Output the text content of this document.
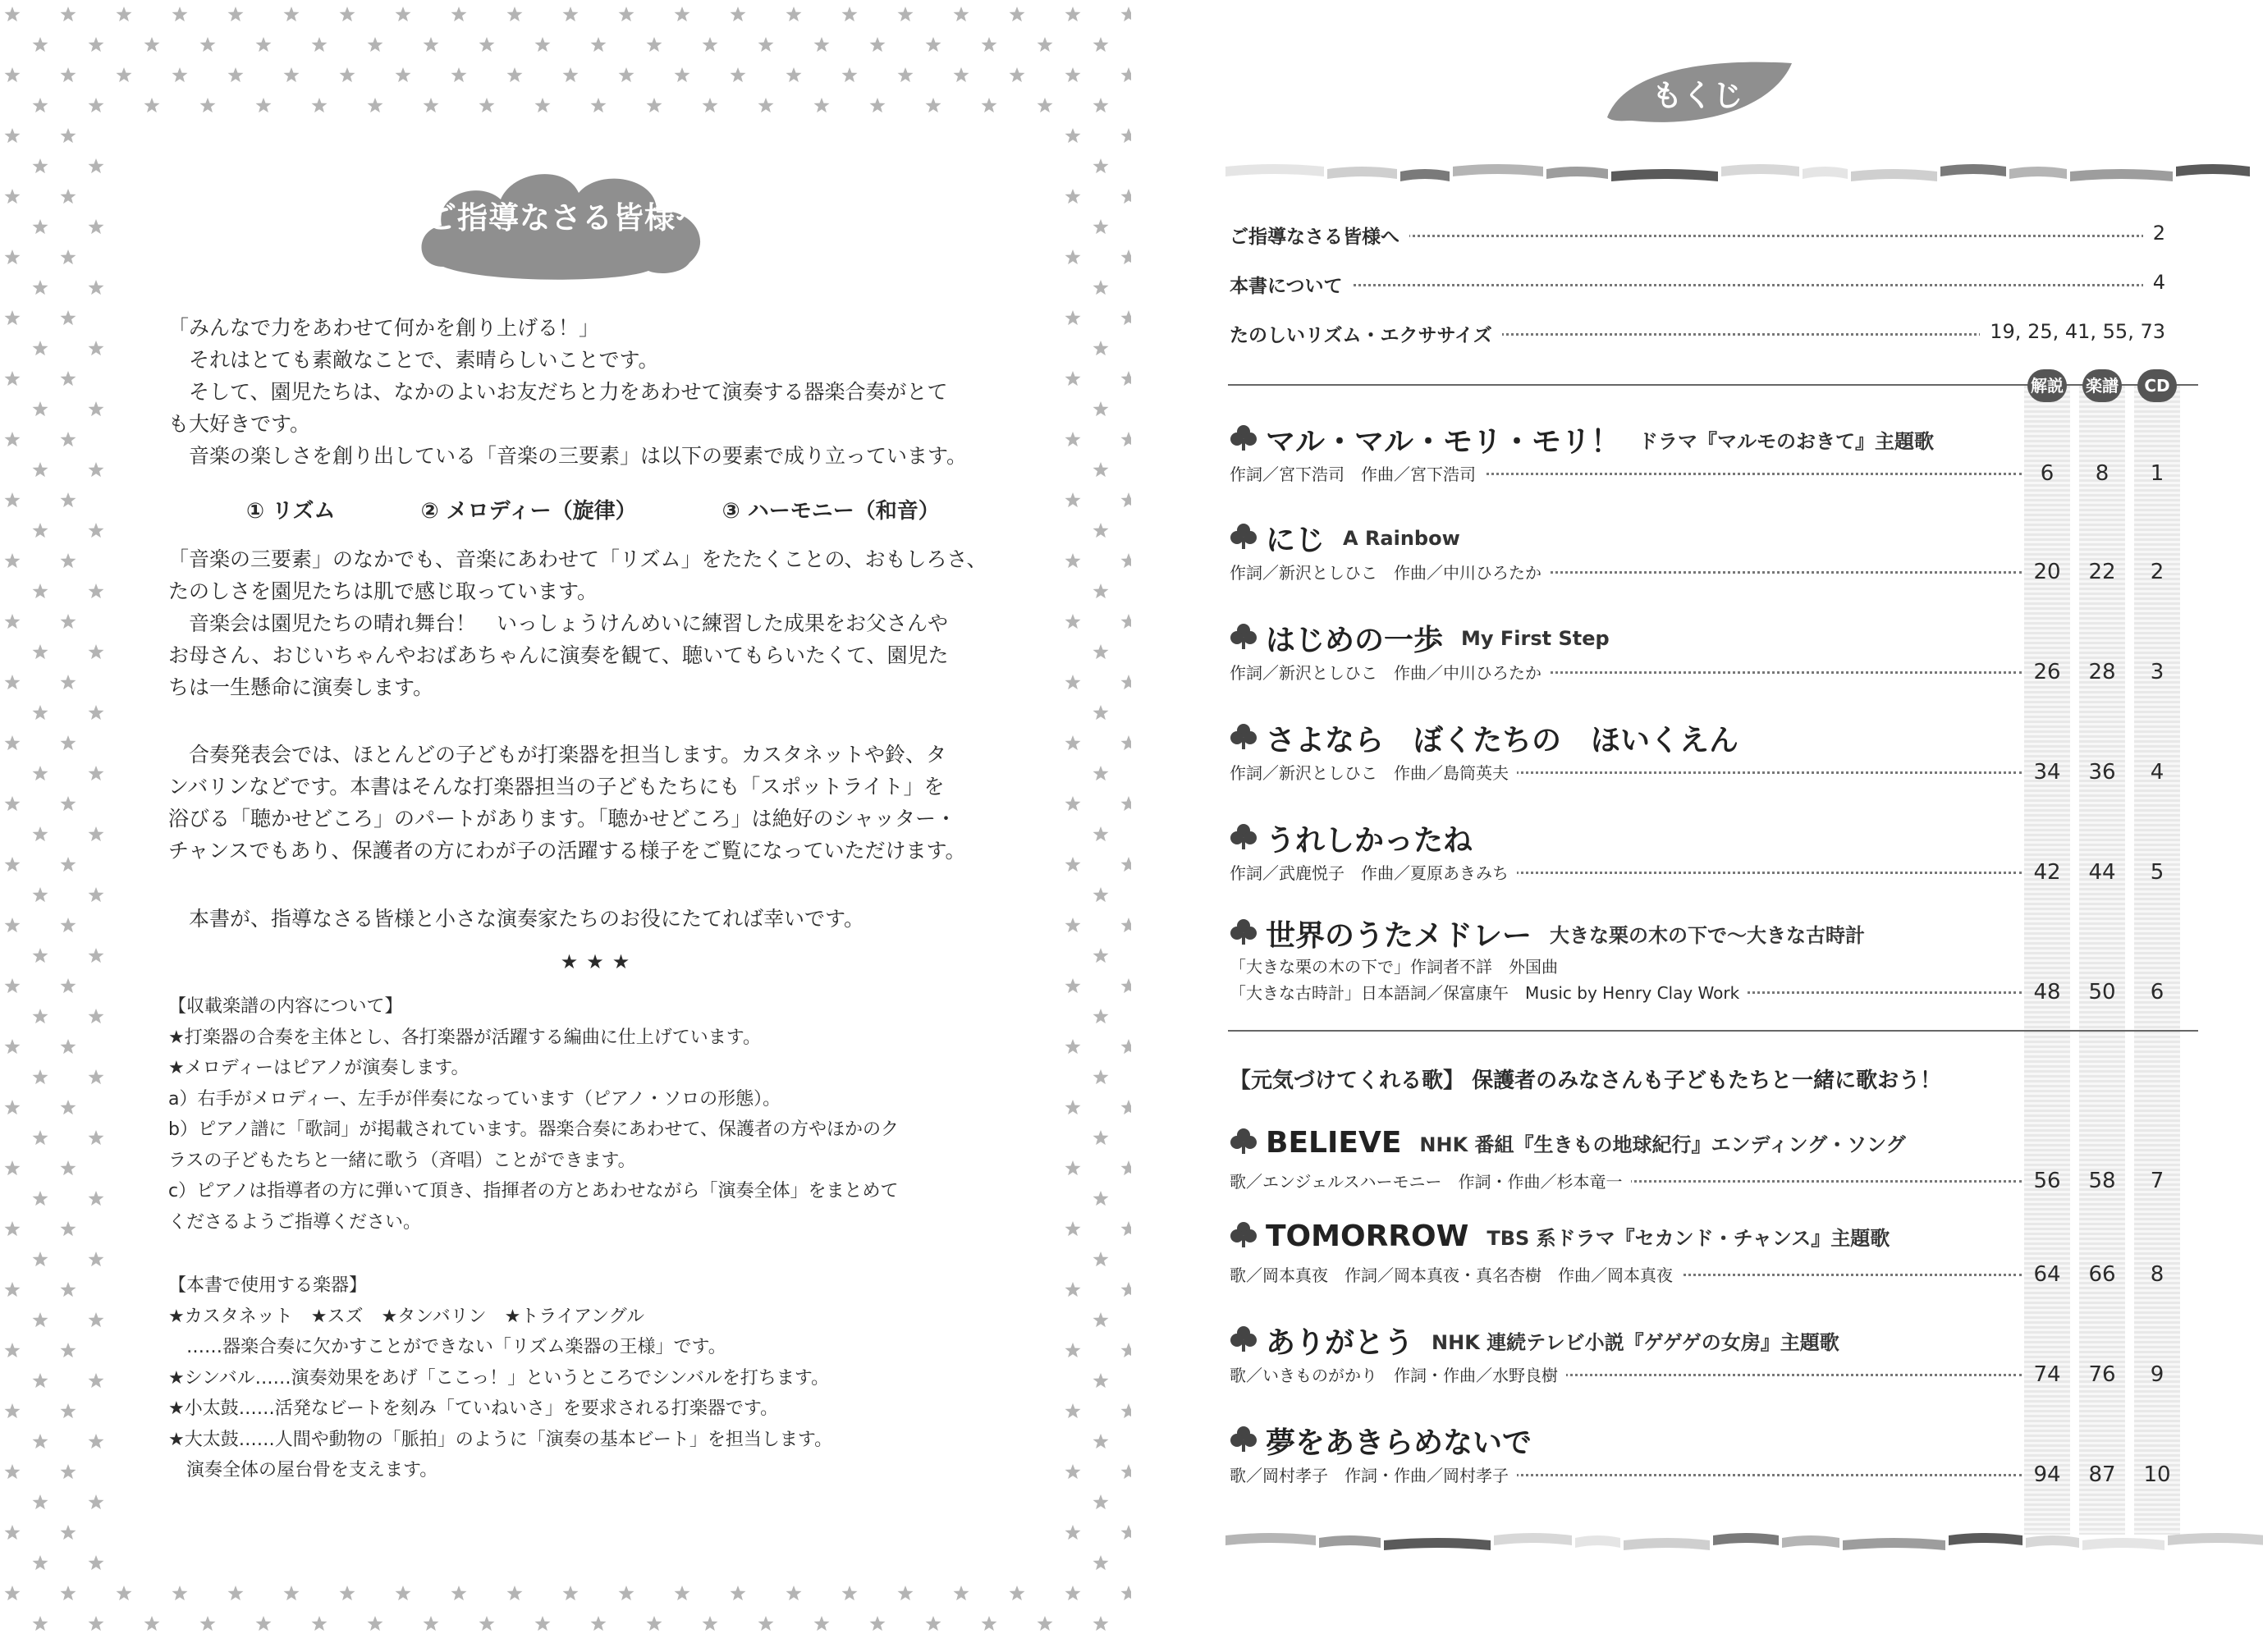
ご指導なさる皆様へ
「みんなで力をあわせて何かを創り上げる！」
　それはとても素敵なことで、素晴らしいことです。
　そして、園児たちは、なかのよいお友だちと力をあわせて演奏する器楽合奏がとて
も大好きです。
　音楽の楽しさを創り出している「音楽の三要素」は以下の要素で成り立っています。
① リズム	② メロディー（旋律）	③ ハーモニー（和音）
「音楽の三要素」のなかでも、音楽にあわせて「リズム」をたたくことの、おもしろさ、
たのしさを園児たちは肌で感じ取っています。
　音楽会は園児たちの晴れ舞台！　いっしょうけんめいに練習した成果をお父さんや
お母さん、おじいちゃんやおばあちゃんに演奏を観て、聴いてもらいたくて、園児た
ちは一生懸命に演奏します。
　合奏発表会では、ほとんどの子どもが打楽器を担当します。カスタネットや鈴、タ
ンバリンなどです。本書はそんな打楽器担当の子どもたちにも「スポットライト」を
浴びる「聴かせどころ」のパートがあります。「聴かせどころ」は絶好のシャッター・
チャンスでもあり、保護者の方にわが子の活躍する様子をご覧になっていただけます。
　本書が、指導なさる皆様と小さな演奏家たちのお役にたてれば幸いです。
★★★
【収載楽譜の内容について】
★打楽器の合奏を主体とし、各打楽器が活躍する編曲に仕上げています。
★メロディーはピアノが演奏します。
a）右手がメロディー、左手が伴奏になっています（ピアノ・ソロの形態）。
b）ピアノ譜に「歌詞」が掲載されています。器楽合奏にあわせて、保護者の方やほかのク
ラスの子どもたちと一緒に歌う（斉唱）ことができます。
c）ピアノは指導者の方に弾いて頂き、指揮者の方とあわせながら「演奏全体」をまとめて
くださるようご指導ください。
【本書で使用する楽器】
★カスタネット　★スズ　★タンバリン　★トライアングル
　……器楽合奏に欠かすことができない「リズム楽器の王様」です。
★シンバル……演奏効果をあげ「ここっ！」というところでシンバルを打ちます。
★小太鼓……活発なビートを刻み「ていねいさ」を要求される打楽器です。
★大太鼓……人間や動物の「脈拍」のように「演奏の基本ビート」を担当します。
　演奏全体の屋台骨を支えます。
もくじ
ご指導なさる皆様へ	2
本書について	4
たのしいリズム・エクササイズ	19, 25, 41, 55, 73
解説 楽譜	CD
マル・マル・モリ・モリ！ ドラマ『マルモのおきて』主題歌
作詞／宮下浩司　作曲／宮下浩司	6	8	1
にじ A Rainbow
作詞／新沢としひこ　作曲／中川ひろたか	20	22	2
はじめの一歩 My First Step
作詞／新沢としひこ　作曲／中川ひろたか	26	28	3
さよなら　ぼくたちの　ほいくえん
作詞／新沢としひこ　作曲／島筒英夫	34	36	4
うれしかったね
作詞／武鹿悦子　作曲／夏原あきみち	42	44	5
世界のうたメドレー 大きな栗の木の下で〜大きな古時計
「大きな栗の木の下で」作詞者不詳　外国曲
「大きな古時計」日本語詞／保富康午　Music by Henry Clay Work	48	50	6
【元気づけてくれる歌】 保護者のみなさんも子どもたちと一緒に歌おう！
BELIEVE NHK 番組『生きもの地球紀行』エンディング・ソング
歌／エンジェルスハーモニー　作詞・作曲／杉本竜一	56	58	7
TOMORROW TBS 系ドラマ『セカンド・チャンス』主題歌
歌／岡本真夜　作詞／岡本真夜・真名杏樹　作曲／岡本真夜	64	66	8
ありがとう NHK 連続テレビ小説『ゲゲゲの女房』主題歌
歌／いきものがかり　作詞・作曲／水野良樹	74	76	9
夢をあきらめないで
歌／岡村孝子　作詞・作曲／岡村孝子	94	87	10
